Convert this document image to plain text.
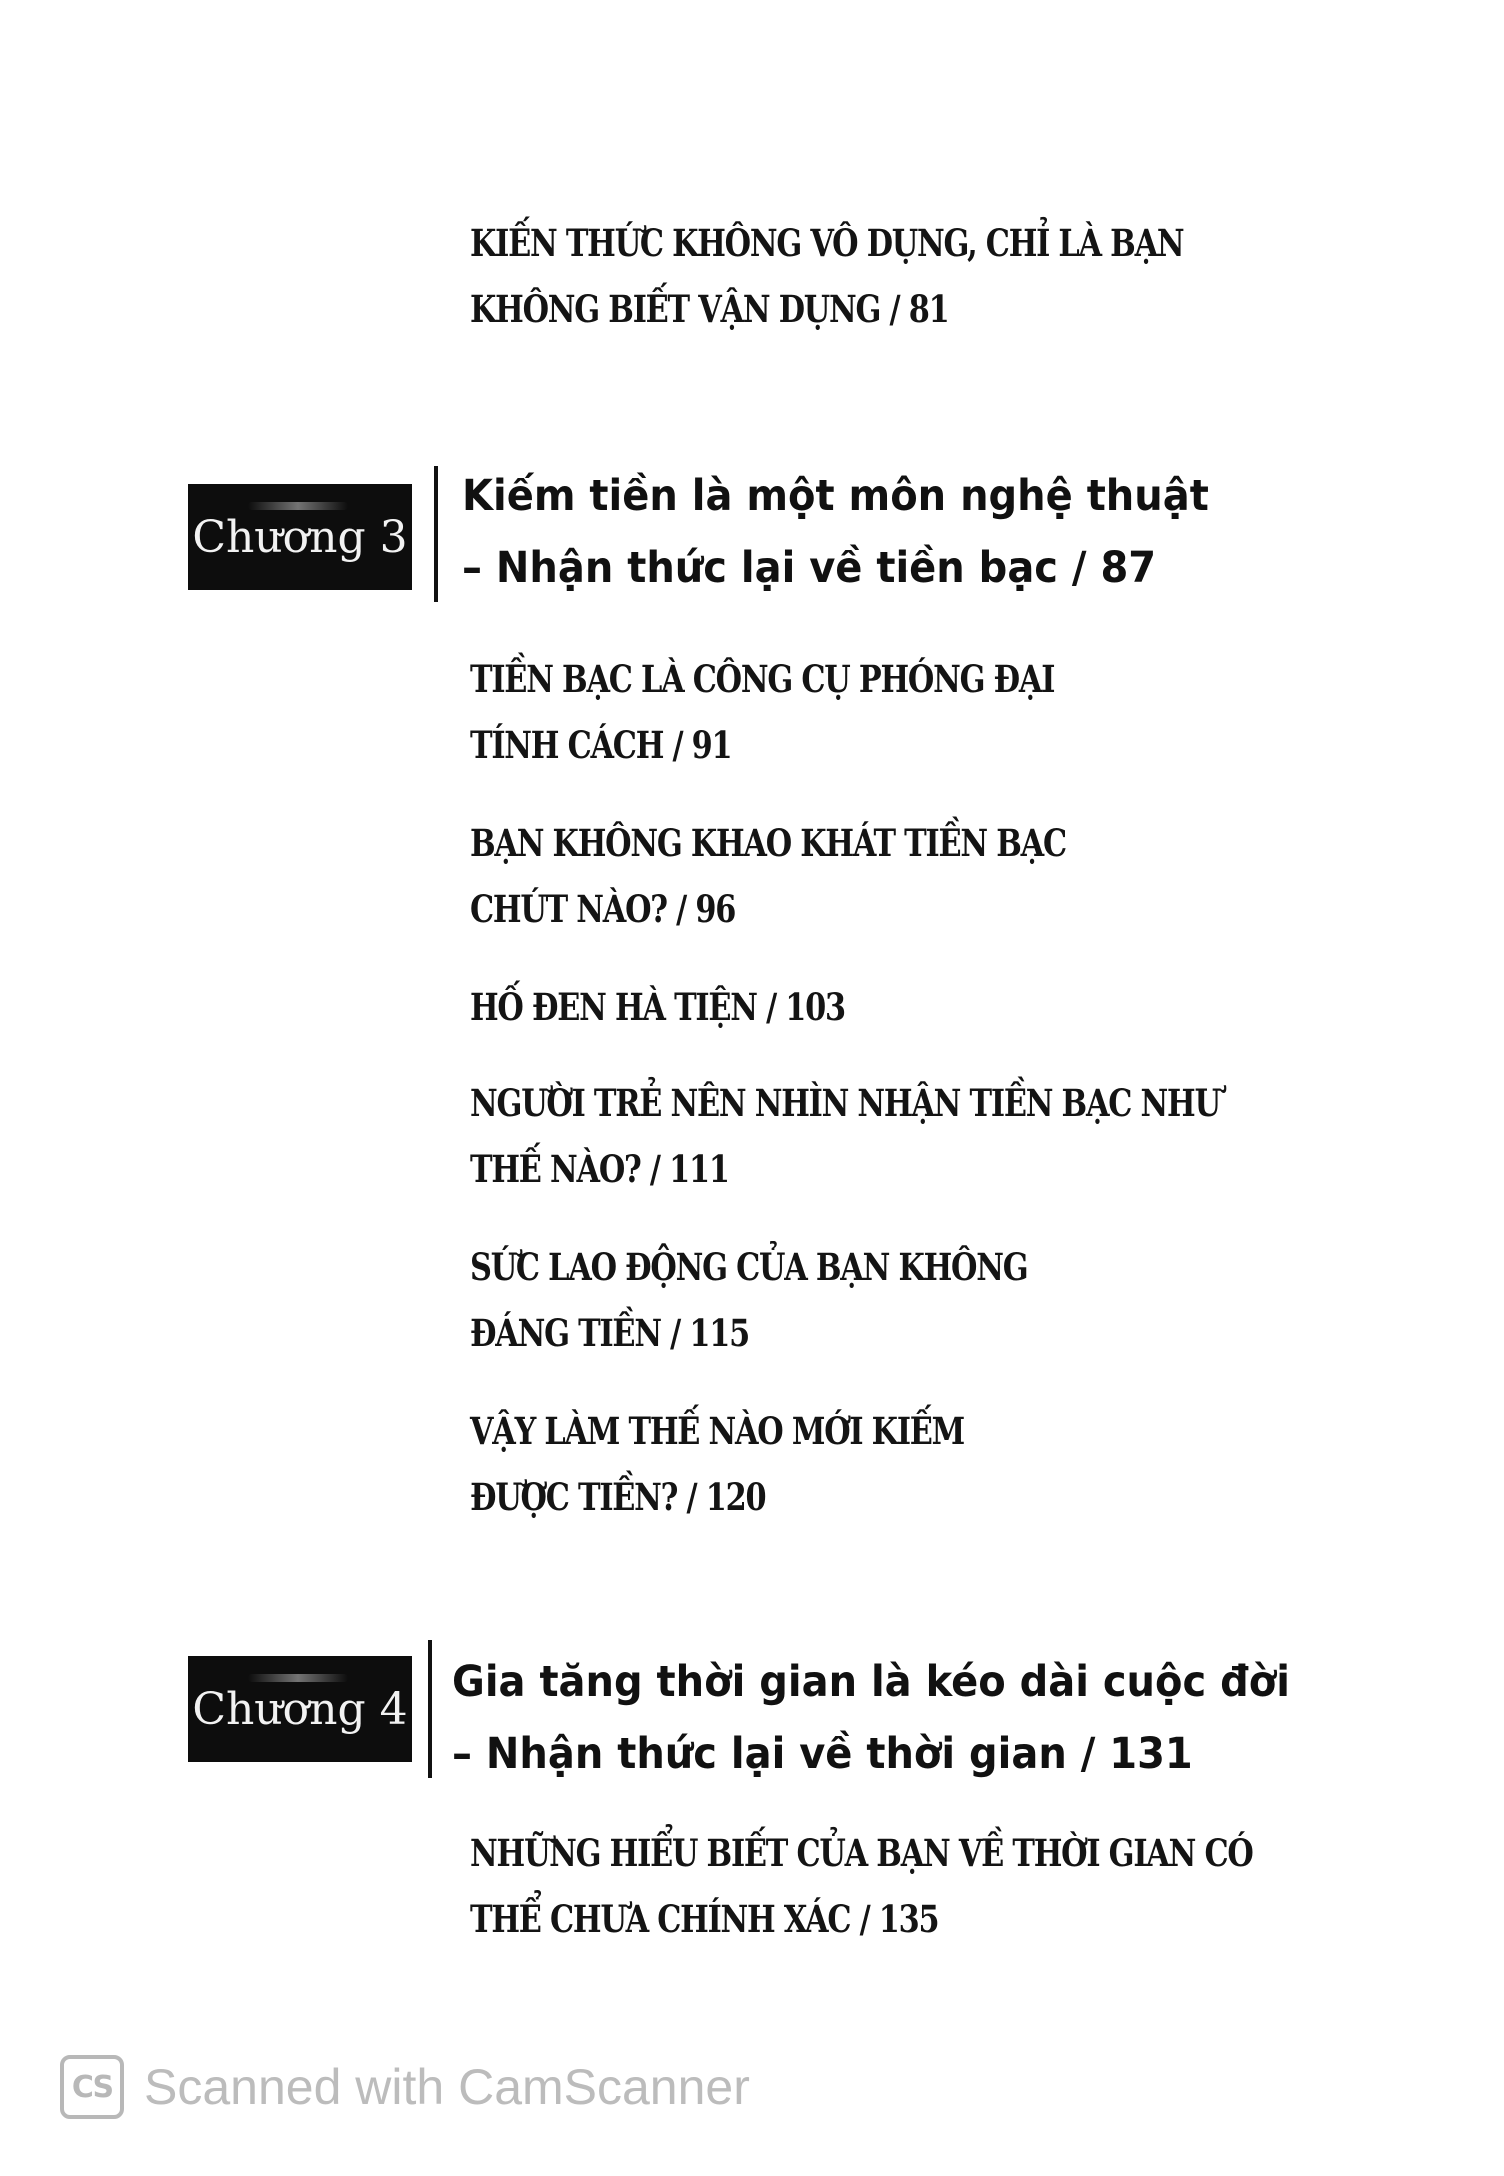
KIẾN THỨC KHÔNG VÔ DỤNG, CHỈ LÀ BẠN
KHÔNG BIẾT VẬN DỤNG / 81
Chương 3
Kiếm tiền là một môn nghệ thuật
– Nhận thức lại về tiền bạc / 87
TIỀN BẠC LÀ CÔNG CỤ PHÓNG ĐẠI
TÍNH CÁCH / 91
BẠN KHÔNG KHAO KHÁT TIỀN BẠC
CHÚT NÀO? / 96
HỐ ĐEN HÀ TIỆN / 103
NGƯỜI TRẺ NÊN NHÌN NHẬN TIỀN BẠC NHƯ
THẾ NÀO? / 111
SỨC LAO ĐỘNG CỦA BẠN KHÔNG
ĐÁNG TIỀN / 115
VẬY LÀM THẾ NÀO MỚI KIẾM
ĐƯỢC TIỀN? / 120
Chương 4
Gia tăng thời gian là kéo dài cuộc đời
– Nhận thức lại về thời gian / 131
NHỮNG HIỂU BIẾT CỦA BẠN VỀ THỜI GIAN CÓ
THỂ CHƯA CHÍNH XÁC / 135
CS Scanned with CamScanner
